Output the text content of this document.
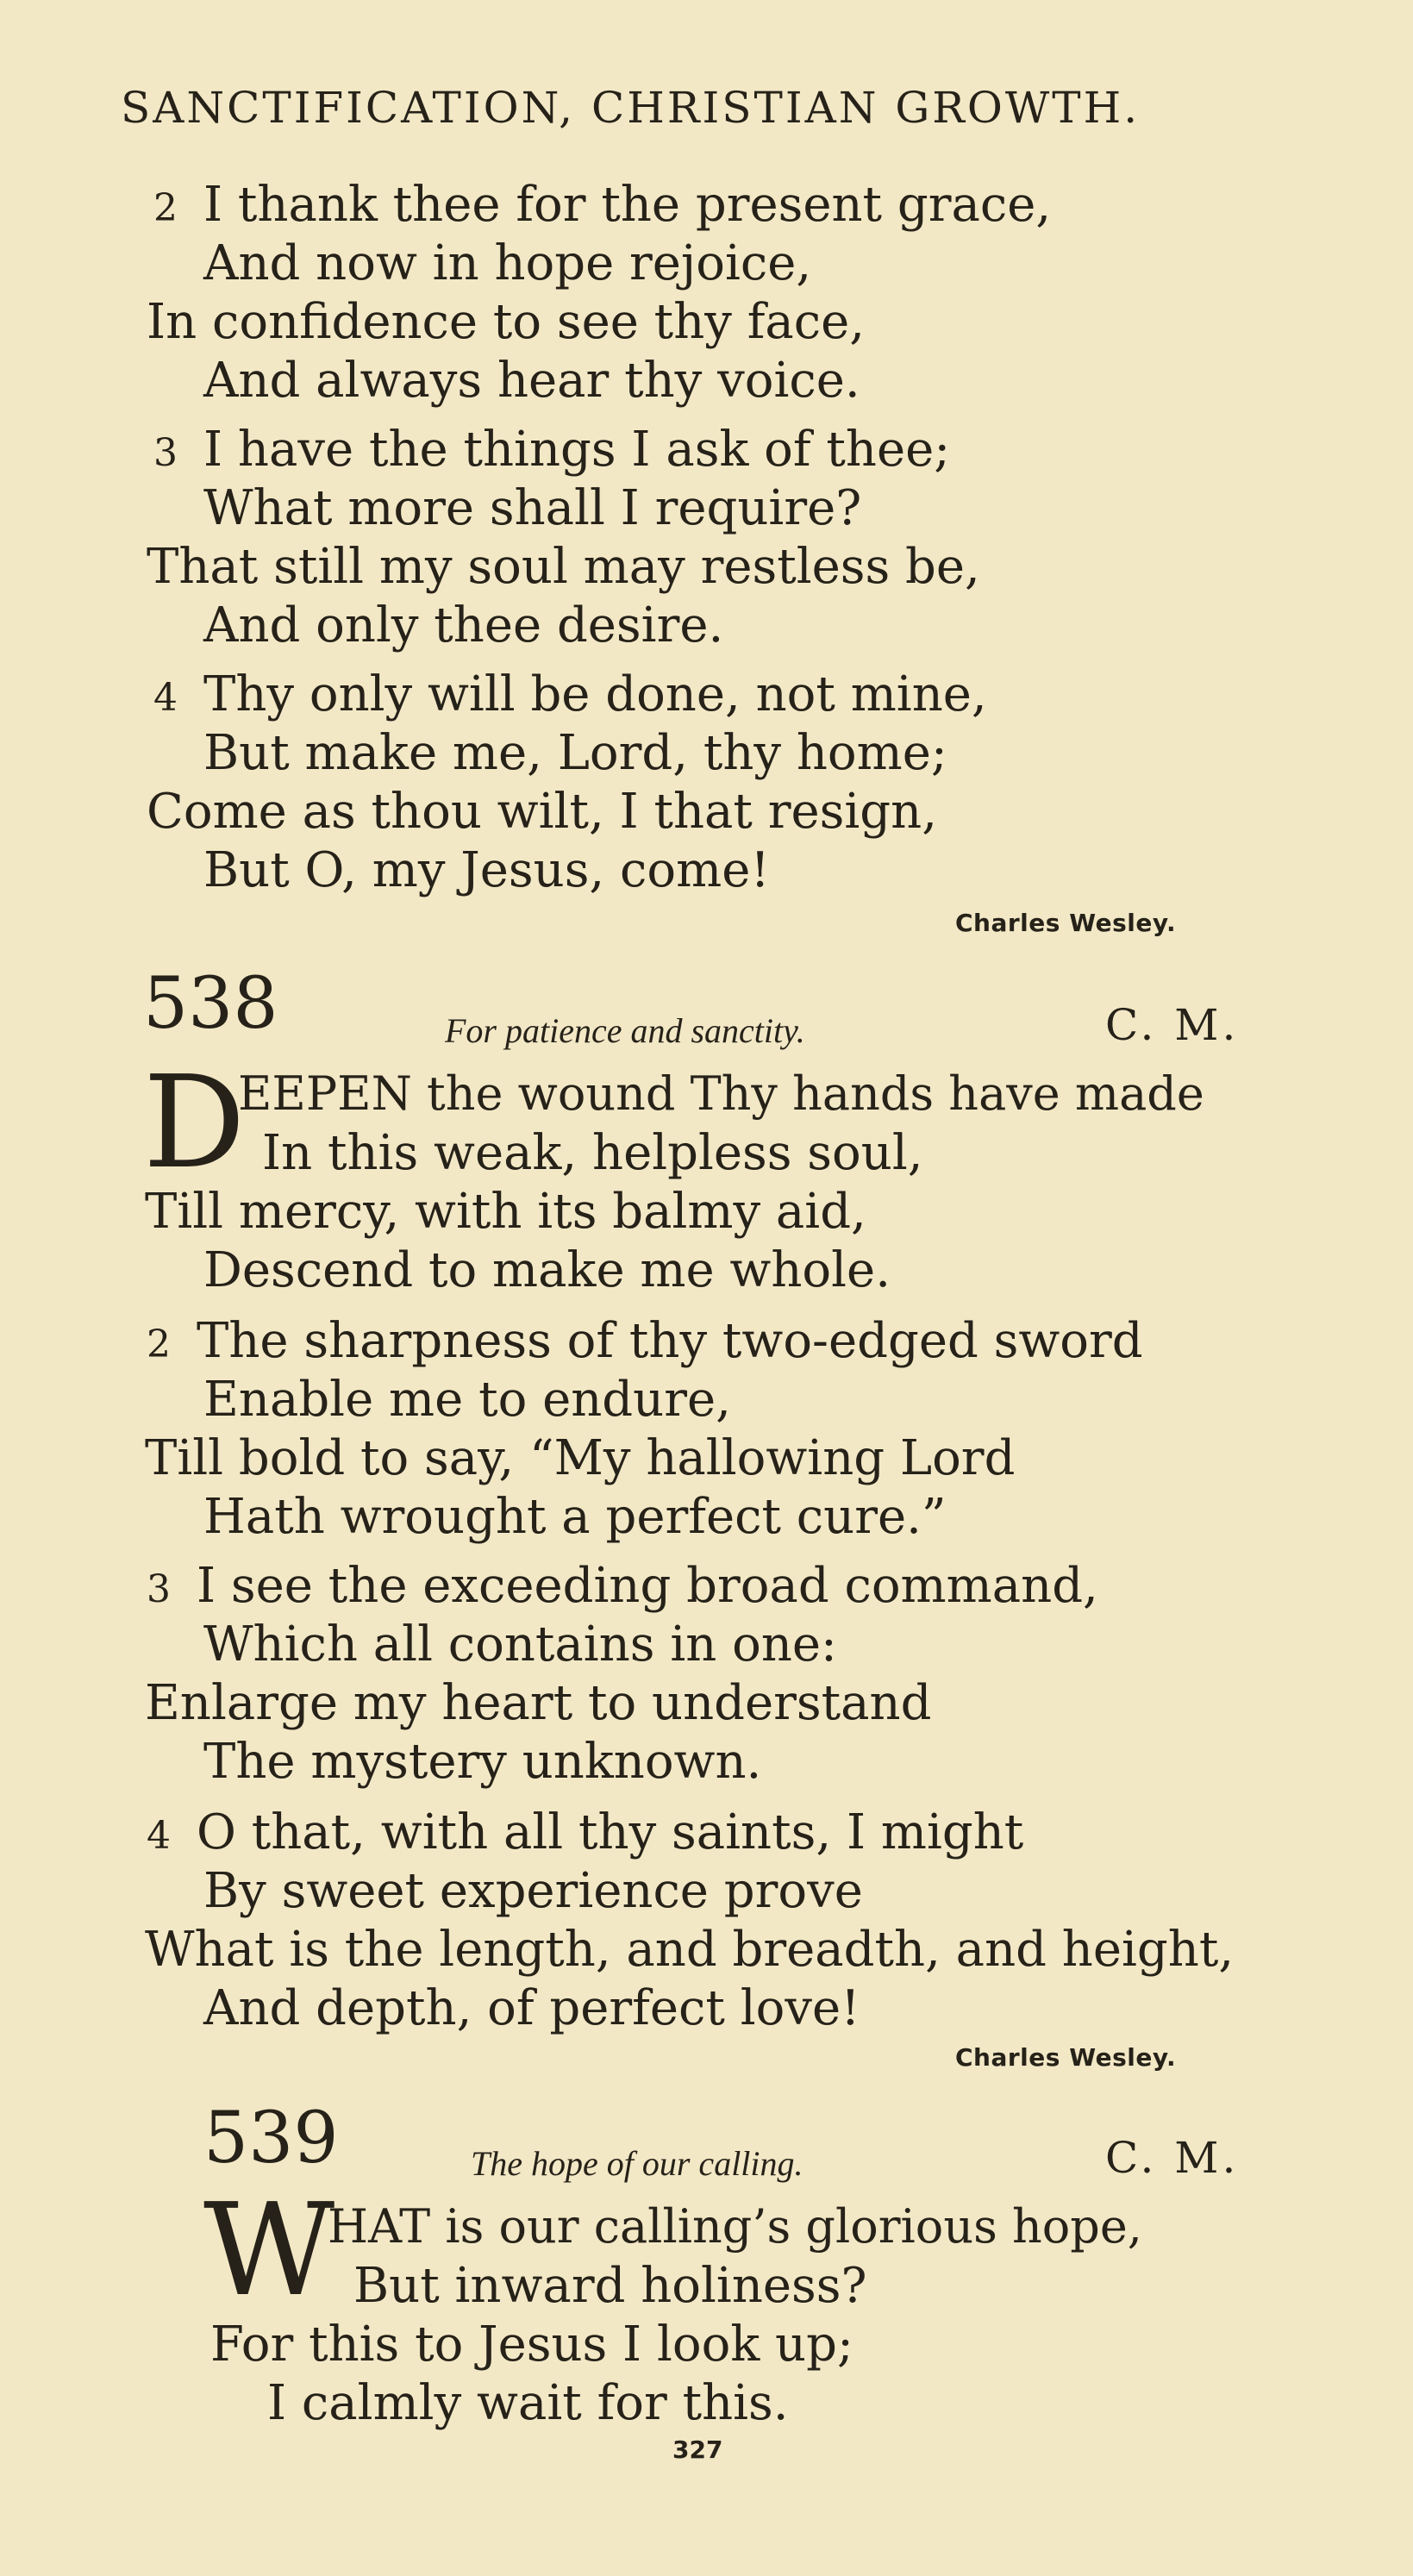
SANCTIFICATION, CHRISTIAN GROWTH.
2 I thank thee for the present grace,
And now in hope rejoice,
In confidence to see thy face,
And always hear thy voice.
3 I have the things I ask of thee;
What more shall I require?
That still my soul may restless be,
And only thee desire.
4 Thy only will be done, not mine,
But make me, Lord, thy home;
Come as thou wilt, I that resign,
But O, my Jesus, come!
Charles Wesley.
538	For patience and sanctity.	C. M.
D
EEPEN the wound Thy hands have made
In this weak, helpless soul,
Till mercy, with its balmy aid,
Descend to make me whole.
2 The sharpness of thy two-edged sword
Enable me to endure,
Till bold to say, “My hallowing Lord
Hath wrought a perfect cure.”
3 I see the exceeding broad command,
Which all contains in one:
Enlarge my heart to understand
The mystery unknown.
4 O that, with all thy saints, I might
By sweet experience prove
What is the length, and breadth, and height,
And depth, of perfect love!
Charles Wesley.
539	The hope of our calling.	C. M.
W
HAT is our calling’s glorious hope,
But inward holiness?
For this to Jesus I look up;
I calmly wait for this.
327
